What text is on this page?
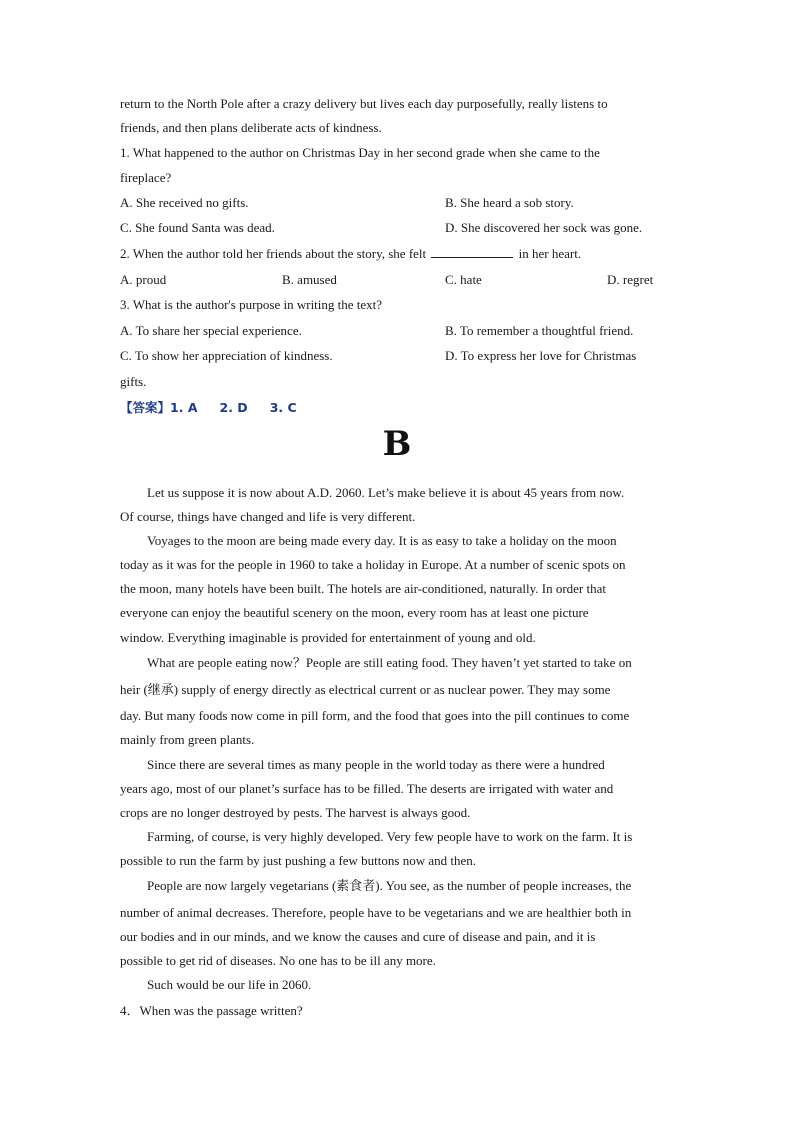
return to the North Pole after a crazy delivery but lives each day purposefully, really listens to
friends, and then plans deliberate acts of kindness.
1. What happened to the author on Christmas Day in her second grade when she came to the
fireplace?
A. She received no gifts.	B. She heard a sob story.
C. She found Santa was dead.	D. She discovered her sock was gone.
2. When the author told her friends about the story, she felt	in her heart.
A. proud	B. amused	C. hate	D. regret
3. What is the author's purpose in writing the text?
A. To share her special experience.	B. To remember a thoughtful friend.
C. To show her appreciation of kindness.	D. To express her love for Christmas
gifts.
【答案】1. A 2. D 3. C
B
Let us suppose it is now about A.D. 2060. Let’s make believe it is about 45 years from now.
Of course, things have changed and life is very different.
Voyages to the moon are being made every day. It is as easy to take a holiday on the moon
today as it was for the people in 1960 to take a holiday in Europe. At a number of scenic spots on
the moon, many hotels have been built. The hotels are air-conditioned, naturally. In order that
everyone can enjoy the beautiful scenery on the moon, every room has at least one picture
window. Everything imaginable is provided for entertainment of young and old.
What are people eating now？People are still eating food. They haven’t yet started to take on
heir (继承) supply of energy directly as electrical current or as nuclear power. They may some
day. But many foods now come in pill form, and the food that goes into the pill continues to come
mainly from green plants.
Since there are several times as many people in the world today as there were a hundred
years ago, most of our planet’s surface has to be filled. The deserts are irrigated with water and
crops are no longer destroyed by pests. The harvest is always good.
Farming, of course, is very highly developed. Very few people have to work on the farm. It is
possible to run the farm by just pushing a few buttons now and then.
People are now largely vegetarians (素食者). You see, as the number of people increases, the
number of animal decreases. Therefore, people have to be vegetarians and we are healthier both in
our bodies and in our minds, and we know the causes and cure of disease and pain, and it is
possible to get rid of diseases. No one has to be ill any more.
Such would be our life in 2060.
4．When was the passage written?
